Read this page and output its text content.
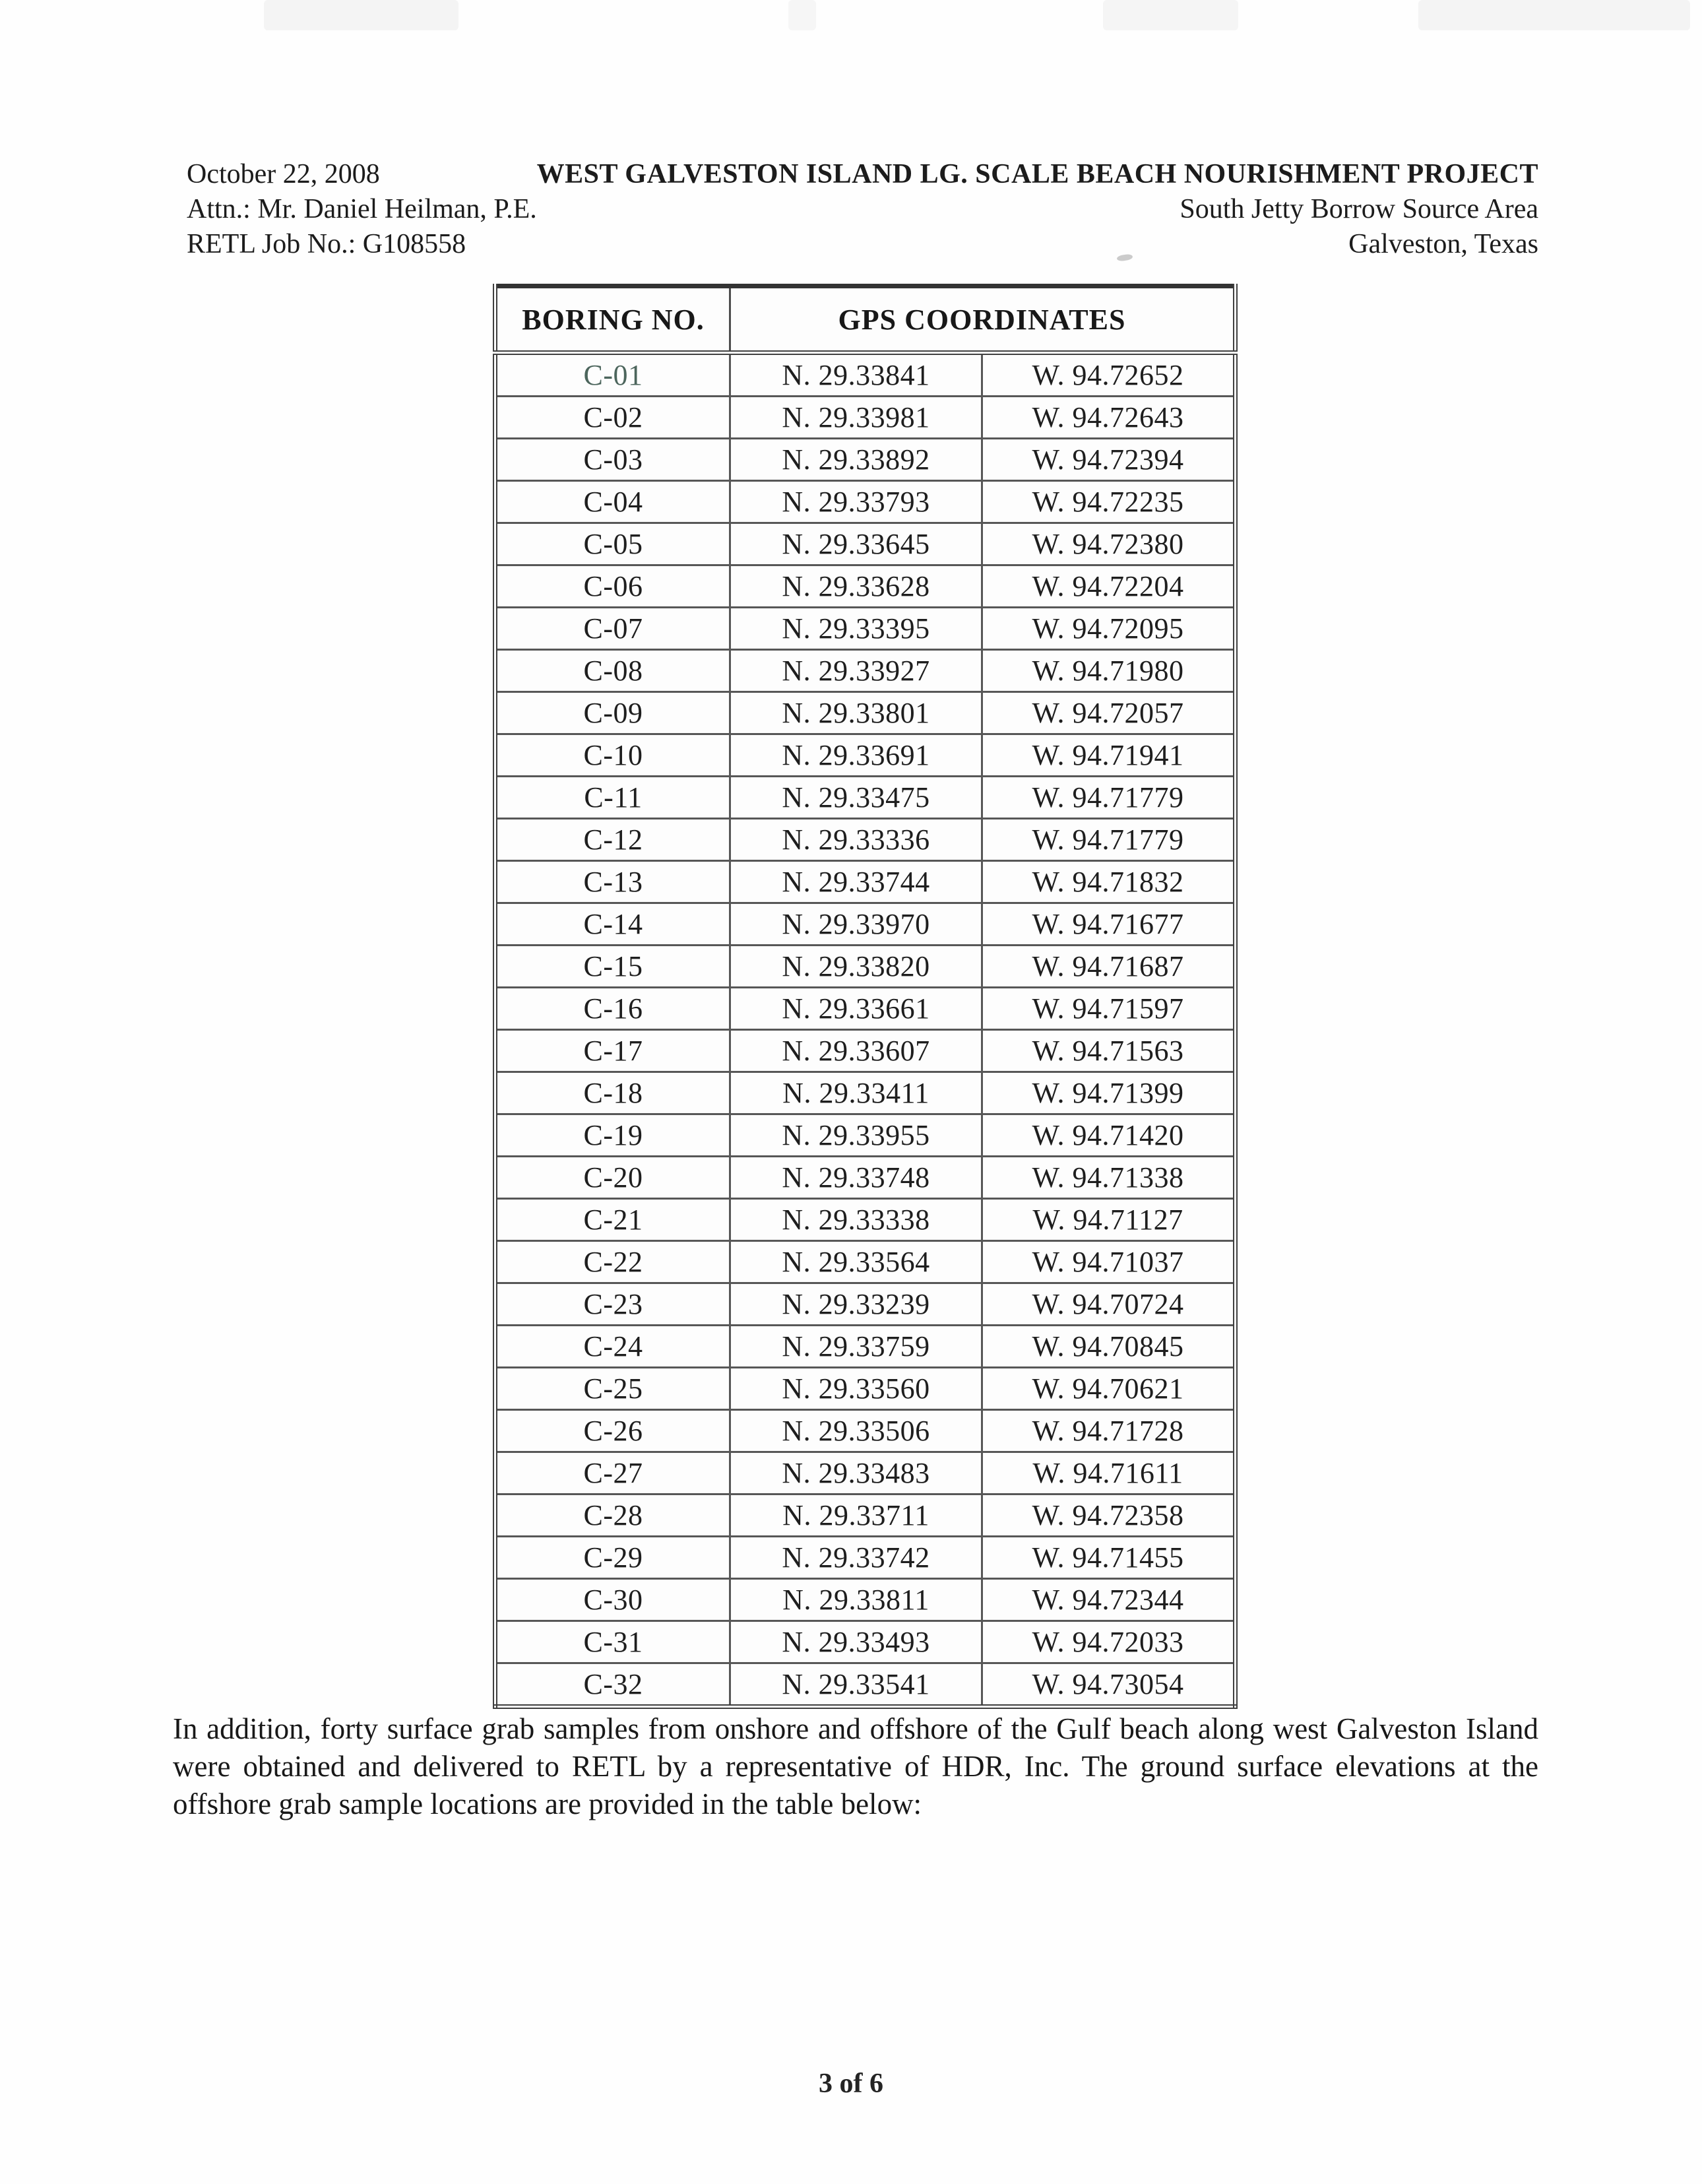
October 22, 2008
Attn.: Mr. Daniel Heilman, P.E.
RETL Job No.: G108558
WEST GALVESTON ISLAND LG. SCALE BEACH NOURISHMENT PROJECT
South Jetty Borrow Source Area
Galveston, Texas
BORING NO.	GPS COORDINATES	
C-01	N. 29.33841	W. 94.72652
C-02	N. 29.33981	W. 94.72643
C-03	N. 29.33892	W. 94.72394
C-04	N. 29.33793	W. 94.72235
C-05	N. 29.33645	W. 94.72380
C-06	N. 29.33628	W. 94.72204
C-07	N. 29.33395	W. 94.72095
C-08	N. 29.33927	W. 94.71980
C-09	N. 29.33801	W. 94.72057
C-10	N. 29.33691	W. 94.71941
C-11	N. 29.33475	W. 94.71779
C-12	N. 29.33336	W. 94.71779
C-13	N. 29.33744	W. 94.71832
C-14	N. 29.33970	W. 94.71677
C-15	N. 29.33820	W. 94.71687
C-16	N. 29.33661	W. 94.71597
C-17	N. 29.33607	W. 94.71563
C-18	N. 29.33411	W. 94.71399
C-19	N. 29.33955	W. 94.71420
C-20	N. 29.33748	W. 94.71338
C-21	N. 29.33338	W. 94.71127
C-22	N. 29.33564	W. 94.71037
C-23	N. 29.33239	W. 94.70724
C-24	N. 29.33759	W. 94.70845
C-25	N. 29.33560	W. 94.70621
C-26	N. 29.33506	W. 94.71728
C-27	N. 29.33483	W. 94.71611
C-28	N. 29.33711	W. 94.72358
C-29	N. 29.33742	W. 94.71455
C-30	N. 29.33811	W. 94.72344
C-31	N. 29.33493	W. 94.72033
C-32	N. 29.33541	W. 94.73054

In addition, forty surface grab samples from onshore and offshore of the Gulf beach along west Galveston Island were obtained and delivered to RETL by a representative of HDR, Inc. The ground surface elevations at the offshore grab sample locations are provided in the table below:

3 of 6
